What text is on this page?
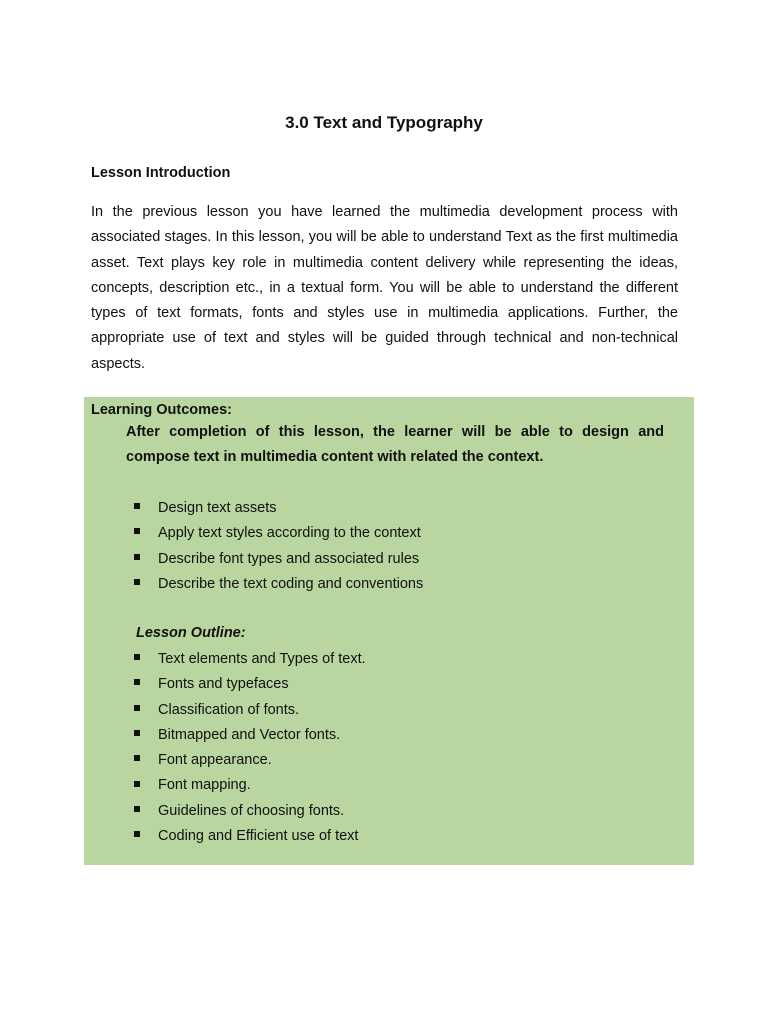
3.0 Text and Typography
Lesson Introduction

In the previous lesson you have learned the multimedia development process with associated stages. In this lesson, you will be able to understand Text as the first multimedia asset. Text plays key role in multimedia content delivery while representing the ideas, concepts, description etc., in a textual form. You will be able to understand the different types of text formats, fonts and styles use in multimedia applications. Further, the appropriate use of text and styles will be guided through technical and non-technical aspects.

Learning Outcomes:

After completion of this lesson, the learner will be able to design and compose text in multimedia content with related the context.

Design text assets
Apply text styles according to the context
Describe font types and associated rules
Describe the text coding and conventions
Lesson Outline:
Text elements and Types of text.
Fonts and typefaces
Classification of fonts.
Bitmapped and Vector fonts.
Font appearance.
Font mapping.
Guidelines of choosing fonts.
Coding and Efficient use of text
